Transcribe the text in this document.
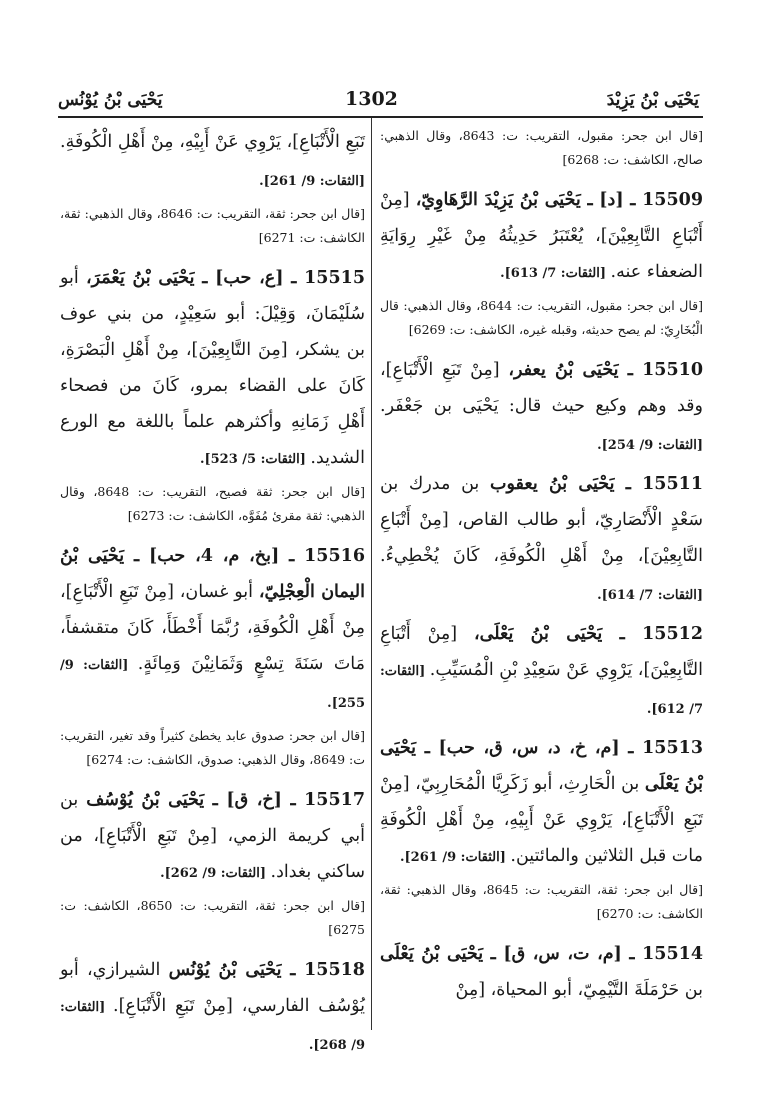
يَحْيَى بْنُ يَزِيْدَ
1302
يَحْيَى بْنُ يُوْنُس

[قال ابن جحر: مقبول، التقريب: ت: 8643، وقال الذهبي: صالح، الكاشف: ت: 6268]

15509 ـ [د] ـ يَحْيَى بْنُ يَزِيْدَ الرَّهَاوِيّ، [مِنْ أَتْبَاعِ التَّابِعِيْنَ]، يُعْتَبَرُ حَدِيثُهُ مِنْ غَيْرِ رِوَايَةِ الضعفاء عنه. [الثقات: 7/ 613].

[قال ابن جحر: مقبول، التقريب: ت: 8644، وقال الذهبي: قال الْبُخَارِيّ: لم يصح حديثه، وقبله غيره، الكاشف: ت: 6269]

15510 ـ يَحْيَى بْنُ يعفر، [مِنْ تَبَعِ الْأَتْبَاعِ]، وقد وهم وكيع حيث قال: يَحْيَى بن جَعْفَر. [الثقات: 9/ 254].

15511 ـ يَحْيَى بْنُ يعقوب بن مدرك بن سَعْدٍ الْأَنْصَارِيّ، أبو طالب القاص، [مِنْ أَتْبَاعِ التَّابِعِيْنَ]، مِنْ أَهْلِ الْكُوفَةِ، كَانَ يُخْطِيءُ. [الثقات: 7/ 614].

15512 ـ يَحْيَى بْنُ يَعْلَى، [مِنْ أَتْبَاعِ التَّابِعِيْنَ]، يَرْوِي عَنْ سَعِيْدِ بْنِ الْمُسَيِّبِ. [الثقات: 7/ 612].

15513 ـ [م، خ، د، س، ق، حب] ـ يَحْيَى بْنُ يَعْلَى بن الْحَارِثِ، أبو زَكَرِيَّا الْمُحَارِبِيّ، [مِنْ تَبَعِ الْأَتْبَاعِ]، يَرْوِي عَنْ أَبِيْهِ، مِنْ أَهْلِ الْكُوفَةِ مات قبل الثلاثين والمائتين. [الثقات: 9/ 261].

[قال ابن جحر: ثقة، التقريب: ت: 8645، وقال الذهبي: ثقة، الكاشف: ت: 6270]

15514 ـ [م، ت، س، ق] ـ يَحْيَى بْنُ يَعْلَى بن حَرْمَلَةَ التَّيْمِيّ، أبو المحياة، [مِنْ

تَبَعِ الْأَتْبَاعِ]، يَرْوِي عَنْ أَبِيْهِ، مِنْ أَهْلِ الْكُوفَةِ. [الثقات: 9/ 261].

[قال ابن جحر: ثقة، التقريب: ت: 8646، وقال الذهبي: ثقة، الكاشف: ت: 6271]

15515 ـ [ع، حب] ـ يَحْيَى بْنُ يَعْمَرَ، أبو سُلَيْمَانَ، وَقِيْلَ: أبو سَعِيْدٍ، من بني عوف بن يشكر، [مِنَ التَّابِعِيْنَ]، مِنْ أَهْلِ الْبَصْرَةِ، كَانَ على القضاء بمرو، كَانَ من فصحاء أَهْلِ زَمَانِهِ وأكثرهم علماً باللغة مع الورع الشديد. [الثقات: 5/ 523].

[قال ابن جحر: ثقة فصيح، التقريب: ت: 8648، وقال الذهبي: ثقة مقرئ مُفَوَّه، الكاشف: ت: 6273]

15516 ـ [بخ، م، 4، حب] ـ يَحْيَى بْنُ اليمان الْعِجْلِيّ، أبو غسان، [مِنْ تَبَعِ الْأَتْبَاعِ]، مِنْ أَهْلِ الْكُوفَةِ، رُبَّمَا أَخْطَأَ، كَانَ متقشفاً، مَاتَ سَنَةَ تِسْعٍ وَثَمَانِيْنَ وَمِائَةٍ. [الثقات: 9/ 255].

[قال ابن جحر: صدوق عابد يخطئ كثيراً وقد تغير، التقريب: ت: 8649، وقال الذهبي: صدوق، الكاشف: ت: 6274]

15517 ـ [خ، ق] ـ يَحْيَى بْنُ يُوْسُف بن أبي كريمة الزمي، [مِنْ تَبَعِ الْأَتْبَاعِ]، من ساكني بغداد. [الثقات: 9/ 262].

[قال ابن جحر: ثقة، التقريب: ت: 8650، الكاشف: ت: 6275]

15518 ـ يَحْيَى بْنُ يُوْنُس الشيرازي، أبو يُوْسُف الفارسي، [مِنْ تَبَعِ الْأَتْبَاعِ]. [الثقات: 9/ 268].
